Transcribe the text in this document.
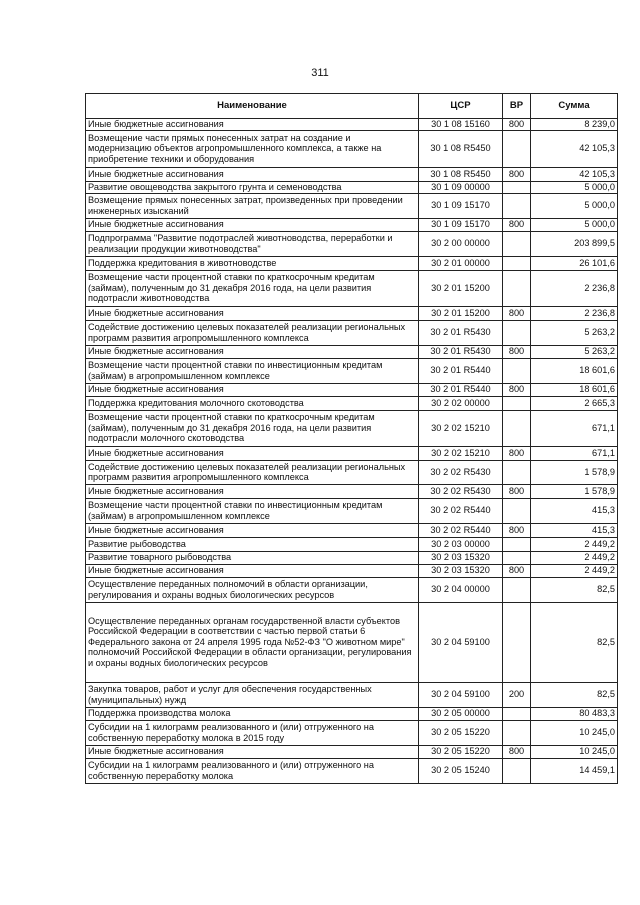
311
Наименование	ЦСР	ВР	Сумма
Иные бюджетные ассигнования	30 1 08 15160	800	8 239,0
Возмещение части прямых понесенных затрат на создание и модернизацию объектов агропромышленного комплекса, а также на приобретение техники и оборудования	30 1 08 R5450		42 105,3
Иные бюджетные ассигнования	30 1 08 R5450	800	42 105,3
Развитие овощеводства закрытого грунта и семеноводства	30 1 09 00000		5 000,0
Возмещение прямых понесенных затрат, произведенных при проведении инженерных изысканий	30 1 09 15170		5 000,0
Иные бюджетные ассигнования	30 1 09 15170	800	5 000,0
Подпрограмма "Развитие подотраслей животноводства, переработки и реализации продукции животноводства"	30 2 00 00000		203 899,5
Поддержка кредитования в животноводстве	30 2 01 00000		26 101,6
Возмещение части процентной ставки по краткосрочным кредитам (займам), полученным до 31 декабря 2016 года, на цели развития подотрасли животноводства	30 2 01 15200		2 236,8
Иные бюджетные ассигнования	30 2 01 15200	800	2 236,8
Содействие достижению целевых показателей реализации региональных программ развития агропромышленного комплекса	30 2 01 R5430		5 263,2
Иные бюджетные ассигнования	30 2 01 R5430	800	5 263,2
Возмещение части процентной ставки по инвестиционным кредитам (займам) в агропромышленном комплексе	30 2 01 R5440		18 601,6
Иные бюджетные ассигнования	30 2 01 R5440	800	18 601,6
Поддержка кредитования молочного скотоводства	30 2 02 00000		2 665,3
Возмещение части процентной ставки по краткосрочным кредитам (займам), полученным до 31 декабря 2016 года, на цели развития подотрасли молочного скотоводства	30 2 02 15210		671,1
Иные бюджетные ассигнования	30 2 02 15210	800	671,1
Содействие достижению целевых показателей реализации региональных программ развития агропромышленного комплекса	30 2 02 R5430		1 578,9
Иные бюджетные ассигнования	30 2 02 R5430	800	1 578,9
Возмещение части процентной ставки по инвестиционным кредитам (займам) в агропромышленном комплексе	30 2 02 R5440		415,3
Иные бюджетные ассигнования	30 2 02 R5440	800	415,3
Развитие рыбоводства	30 2 03 00000		2 449,2
Развитие товарного рыбоводства	30 2 03 15320		2 449,2
Иные бюджетные ассигнования	30 2 03 15320	800	2 449,2
Осуществление переданных полномочий в области организации, регулирования и охраны водных биологических ресурсов	30 2 04 00000		82,5
Осуществление переданных органам государственной власти субъектов Российской Федерации в соответствии с частью первой статьи 6 Федерального закона от 24 апреля 1995 года №52-ФЗ "О животном мире" полномочий Российской Федерации в области организации, регулирования и охраны водных биологических ресурсов	30 2 04 59100		82,5
Закупка товаров, работ и услуг для обеспечения государственных (муниципальных) нужд	30 2 04 59100	200	82,5
Поддержка производства молока	30 2 05 00000		80 483,3
Субсидии на 1 килограмм реализованного и (или) отгруженного на собственную переработку молока в 2015 году	30 2 05 15220		10 245,0
Иные бюджетные ассигнования	30 2 05 15220	800	10 245,0
Субсидии на 1 килограмм реализованного и (или) отгруженного на собственную переработку молока	30 2 05 15240		14 459,1
